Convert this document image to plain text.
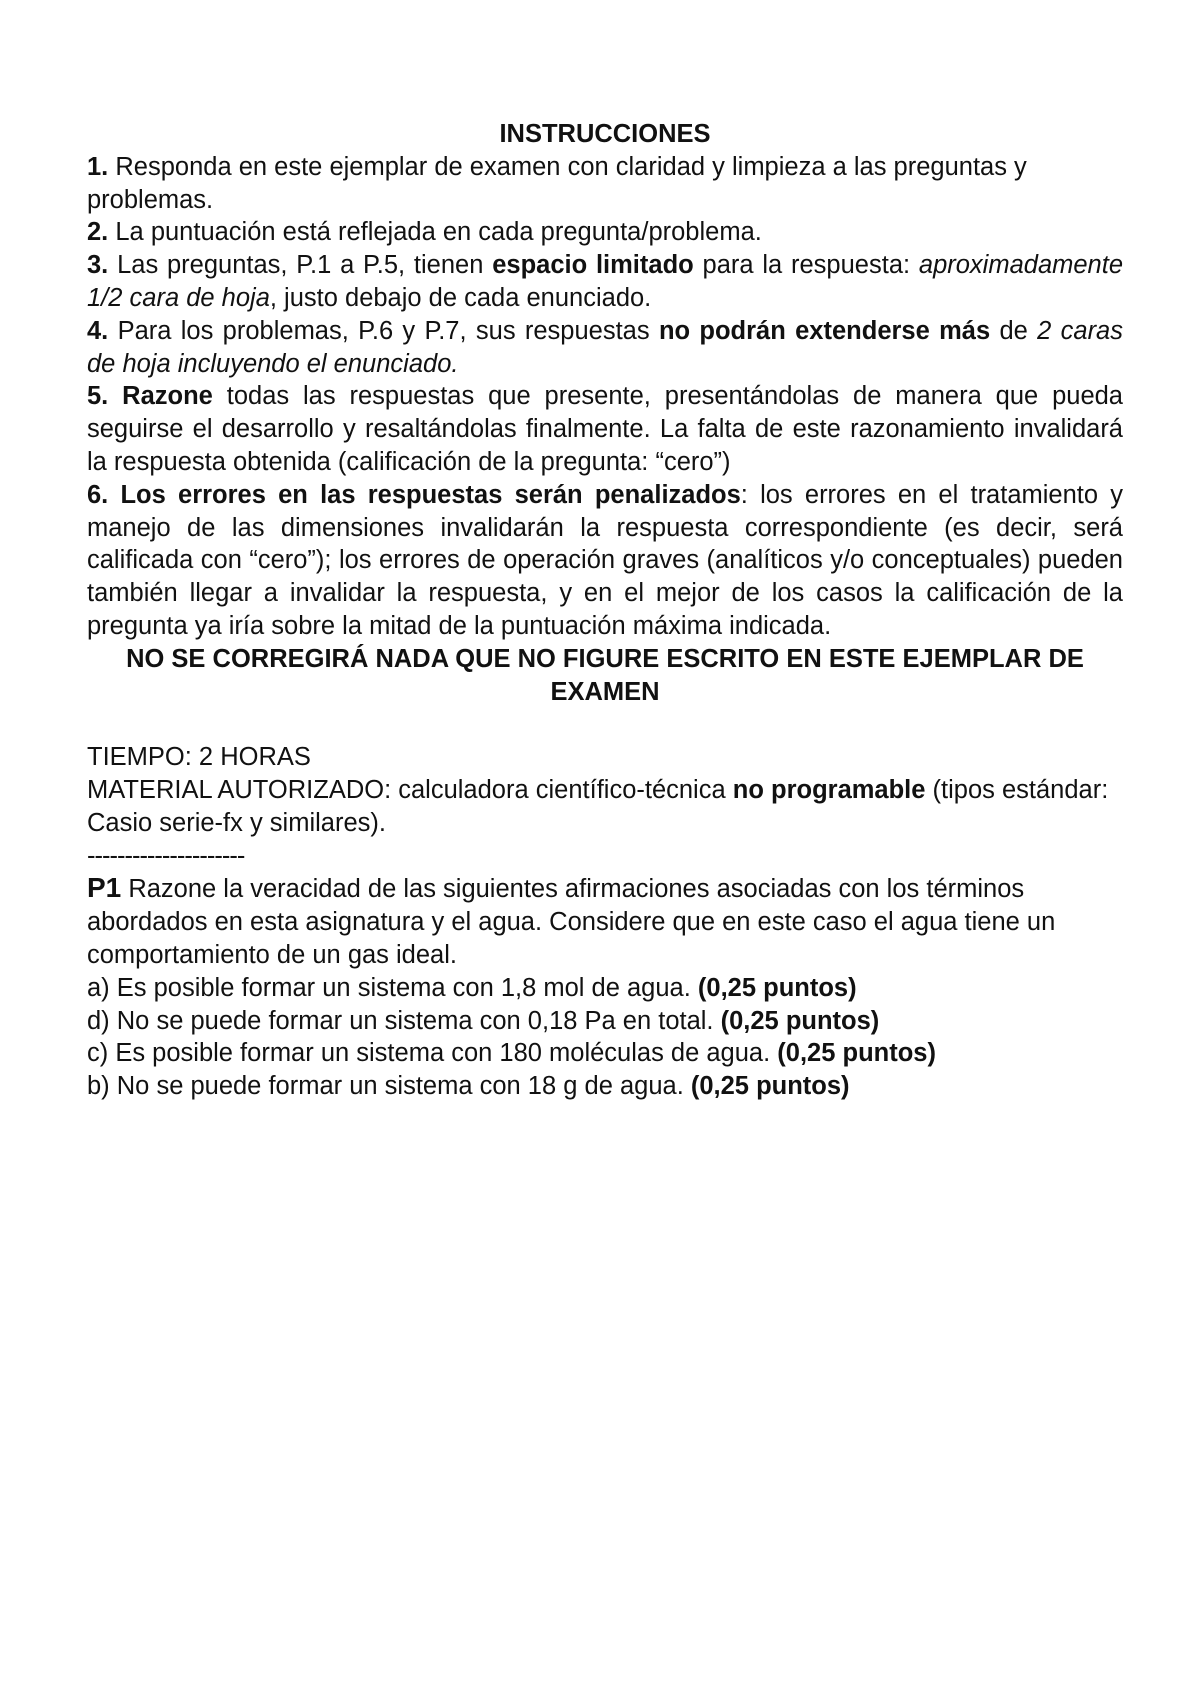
INSTRUCCIONES

1. Responda en este ejemplar de examen con claridad y limpieza a las preguntas y problemas.

2. La puntuación está reflejada en cada pregunta/problema.

3. Las preguntas, P.1 a P.5, tienen espacio limitado para la respuesta: aproximadamente 1/2 cara de hoja, justo debajo de cada enunciado.

4. Para los problemas, P.6 y P.7, sus respuestas no podrán extenderse más de 2 caras de hoja incluyendo el enunciado.

5. Razone todas las respuestas que presente, presentándolas de manera que pueda seguirse el desarrollo y resaltándolas finalmente. La falta de este razonamiento invalidará la respuesta obtenida (calificación de la pregunta: “cero”)

6. Los errores en las respuestas serán penalizados: los errores en el tratamiento y manejo de las dimensiones invalidarán la respuesta correspondiente (es decir, será calificada con “cero”); los errores de operación graves (analíticos y/o conceptuales) pueden también llegar a invalidar la respuesta, y en el mejor de los casos la calificación de la pregunta ya iría sobre la mitad de la puntuación máxima indicada.

NO SE CORREGIRÁ NADA QUE NO FIGURE ESCRITO EN ESTE EJEMPLAR DE EXAMEN
TIEMPO: 2 HORAS

MATERIAL AUTORIZADO: calculadora científico-técnica no programable (tipos estándar: Casio serie-fx y similares).

---------------------

P1 Razone la veracidad de las siguientes afirmaciones asociadas con los términos abordados en esta asignatura y el agua. Considere que en este caso el agua tiene un comportamiento de un gas ideal.

a) Es posible formar un sistema con 1,8 mol de agua. (0,25 puntos)
d) No se puede formar un sistema con 0,18 Pa en total. (0,25 puntos)
c) Es posible formar un sistema con 180 moléculas de agua. (0,25 puntos)
b) No se puede formar un sistema con 18 g de agua. (0,25 puntos)
